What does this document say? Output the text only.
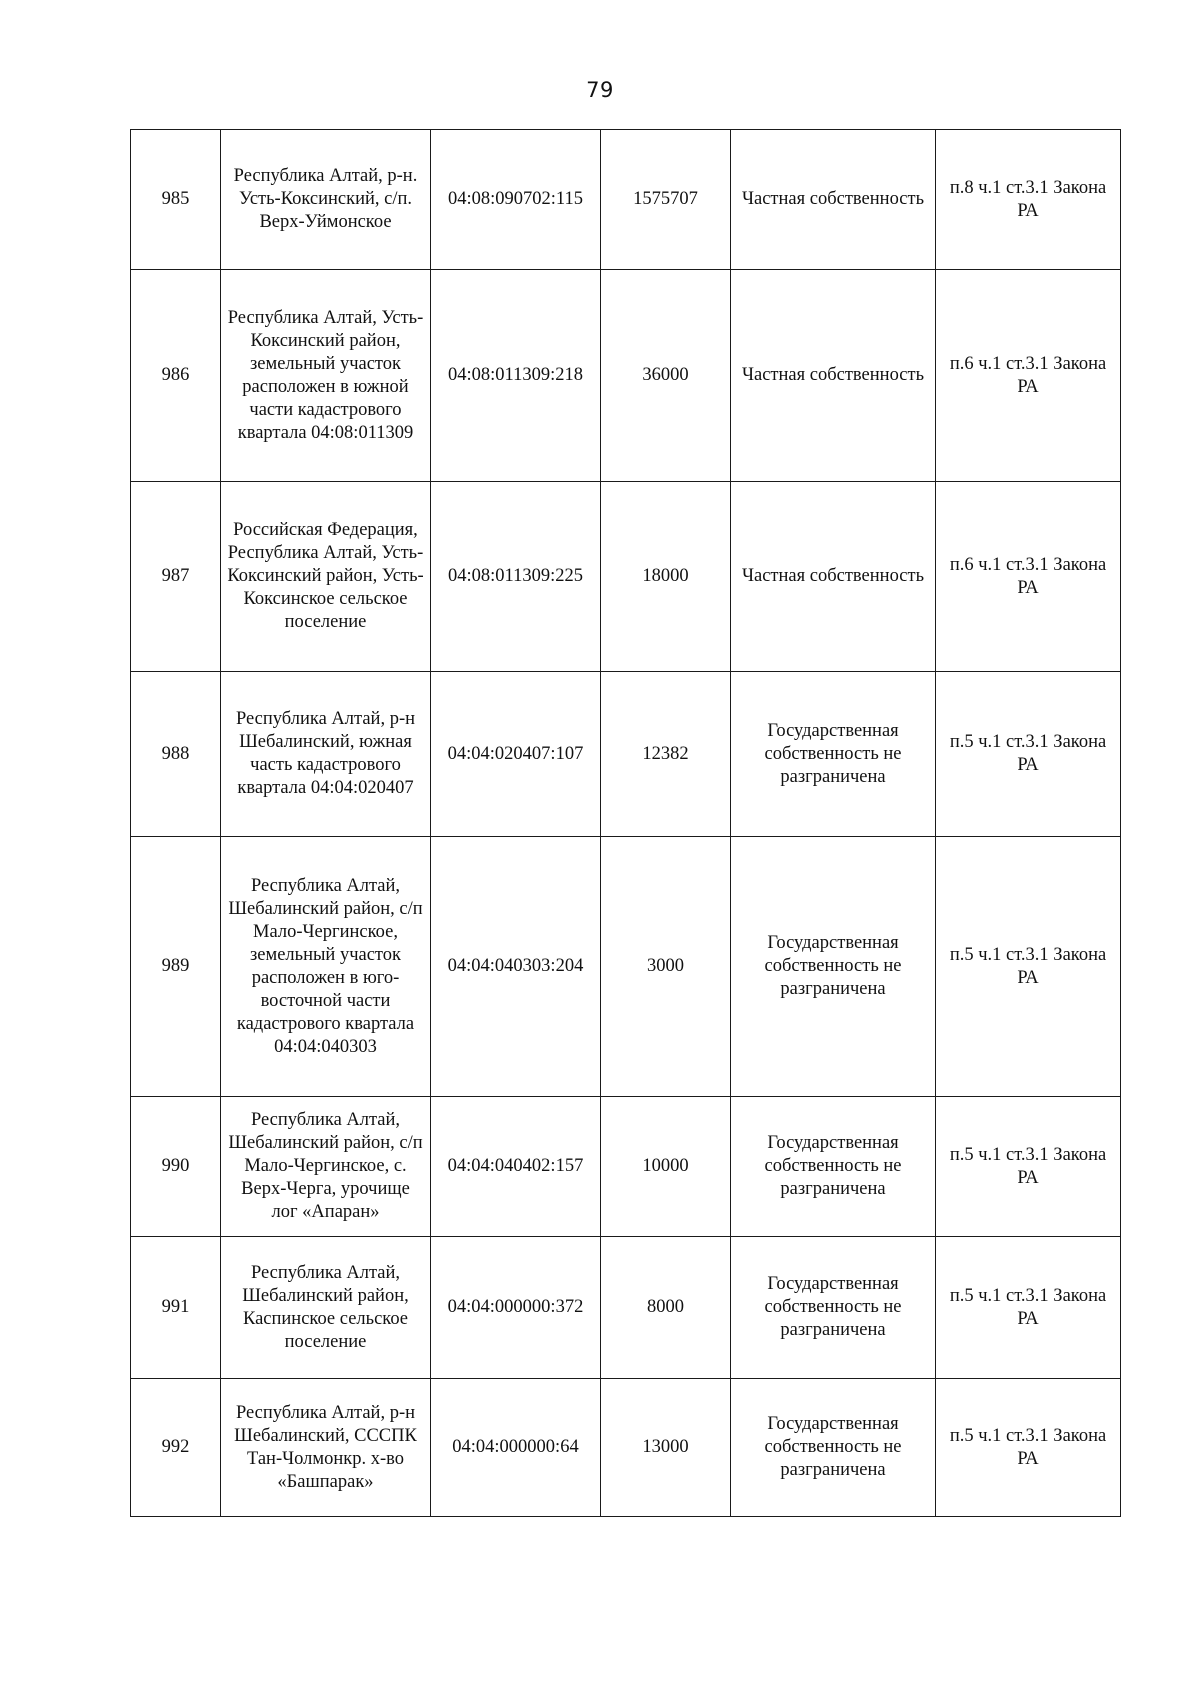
79
985	Республика Алтай, р-н. Усть-Коксинский, с/п. Верх-Уймонское	04:08:090702:115	1575707	Частная собственность	п.8 ч.1 ст.3.1 Закона РА
986	Республика Алтай, Усть-Коксинский район, земельный участок расположен в южной части кадастрового квартала 04:08:011309	04:08:011309:218	36000	Частная собственность	п.6 ч.1 ст.3.1 Закона РА
987	Российская Федерация, Республика Алтай, Усть-Коксинский район, Усть-Коксинское сельское поселение	04:08:011309:225	18000	Частная собственность	п.6 ч.1 ст.3.1 Закона РА
988	Республика Алтай, р-н Шебалинский, южная часть кадастрового квартала 04:04:020407	04:04:020407:107	12382	Государственная собственность не разграничена	п.5 ч.1 ст.3.1 Закона РА
989	Республика Алтай, Шебалинский район, с/п Мало-Чергинское, земельный участок расположен в юго-восточной части кадастрового квартала 04:04:040303	04:04:040303:204	3000	Государственная собственность не разграничена	п.5 ч.1 ст.3.1 Закона РА
990	Республика Алтай, Шебалинский район, с/п Мало-Чергинское, с. Верх-Черга, урочище лог «Апаран»	04:04:040402:157	10000	Государственная собственность не разграничена	п.5 ч.1 ст.3.1 Закона РА
991	Республика Алтай, Шебалинский район, Каспинское сельское поселение	04:04:000000:372	8000	Государственная собственность не разграничена	п.5 ч.1 ст.3.1 Закона РА
992	Республика Алтай, р-н Шебалинский, СССПК Тан-Чолмонкр. х-во «Башпарак»	04:04:000000:64	13000	Государственная собственность не разграничена	п.5 ч.1 ст.3.1 Закона РА
